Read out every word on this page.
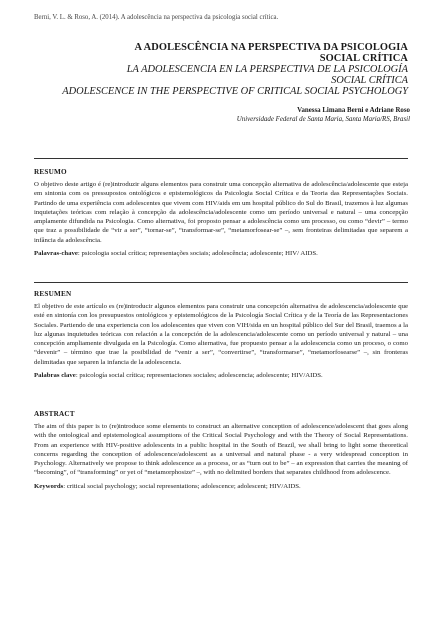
Berni, V. L. & Roso, A. (2014). A adolescência na perspectiva da psicologia social crítica.
A ADOLESCÊNCIA NA PERSPECTIVA DA PSICOLOGIA
SOCIAL CRÍTICA
LA ADOLESCENCIA EN LA PERSPECTIVA DE LA PSICOLOGÍA
SOCIAL CRÍTICA
ADOLESCENCE IN THE PERSPECTIVE OF CRITICAL SOCIAL PSYCHOLOGY
Vanessa Limana Berni e Adriane Roso
Universidade Federal de Santa Maria, Santa Maria/RS, Brasil
RESUMO

O objetivo deste artigo é (re)introduzir alguns elementos para construir uma concepção alternativa de adolescência/adolescente que esteja em sintonia com os pressupostos ontológicos e epistemológicos da Psicologia Social Crítica e da Teoria das Representações Sociais. Partindo de uma experiência com adolescentes que vivem com HIV/aids em um hospital público do Sul do Brasil, trazemos à luz algumas inquietações teóricas com relação à concepção da adolescência/adolescente como um período universal e natural – uma concepção amplamente difundida na Psicologia. Como alternativa, foi proposto pensar a adolescência como um processo, ou como “devir” – termo que traz a possibilidade de “vir a ser”, “tornar-se”, “transformar-se”, “metamorfosear-se” –, sem fronteiras delimitadas que separem a infância da adolescência.

Palavras-chave: psicologia social crítica; representações sociais; adolescência; adolescente; HIV/ AIDS.

RESUMEN

El objetivo de este artículo es (re)introducir algunos elementos para construir una concepción alternativa de adolescencia/adolescente que esté en sintonía con los presupuestos ontológicos y epistemológicos de la Psicología Social Crítica y de la Teoría de las Representaciones Sociales. Partiendo de una experiencia con los adolescentes que viven con VIH/sida en un hospital público del Sur del Brasil, traemos a la luz algunas inquietudes teóricas con relación a la concepción de la adolescencia/adolescente como un período universal y natural – una concepción ampliamente divulgada en la Psicología. Como alternativa, fue propuesto pensar a la adolescencia como un proceso, o como “devenir” – término que trae la posibilidad de “venir a ser”, “convertirse”, “transformarse”, “metamorfosearse” –, sin fronteras delimitadas que separen la infancia de la adolescencia.

Palabras clave: psicología social crítica; representaciones sociales; adolescencia; adolescente; HIV/AIDS.

ABSTRACT

The aim of this paper is to (re)introduce some elements to construct an alternative conception of adolescence/adolescent that goes along with the ontological and epistemological assumptions of the Critical Social Psychology and with the Theory of Social Representations. From an experience with HIV-positive adolescents in a public hospital in the South of Brazil, we shall bring to light some theoretical concerns regarding the conception of adolescence/adolescent as a universal and natural phase - a very widespread conception in Psychology. Alternatively we propose to think adolescence as a process, or as “turn out to be” – an expression that carries the meaning of “becoming”, of “transforming” or yet of “metamorphosize” –, with no delimited borders that separates childhood from adolescence.

Keywords: critical social psychology; social representations; adolescence; adolescent; HIV/AIDS.
